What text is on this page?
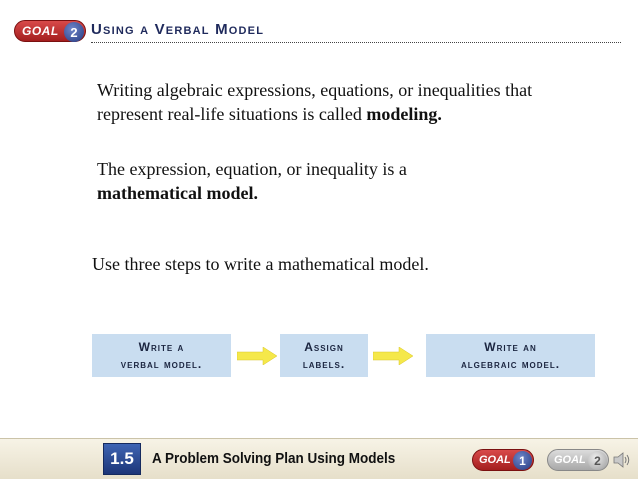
GOAL 2 Using a Verbal Model

Writing algebraic expressions, equations, or inequalities that represent real-life situations is called modeling.

The expression, equation, or inequality is a
mathematical model.

Use three steps to write a mathematical model.

Write a
verbal model.
Assign
labels.
Write an
algebraic model.
1.5	A Problem Solving Plan Using Models	GOAL 1	GOAL 2
